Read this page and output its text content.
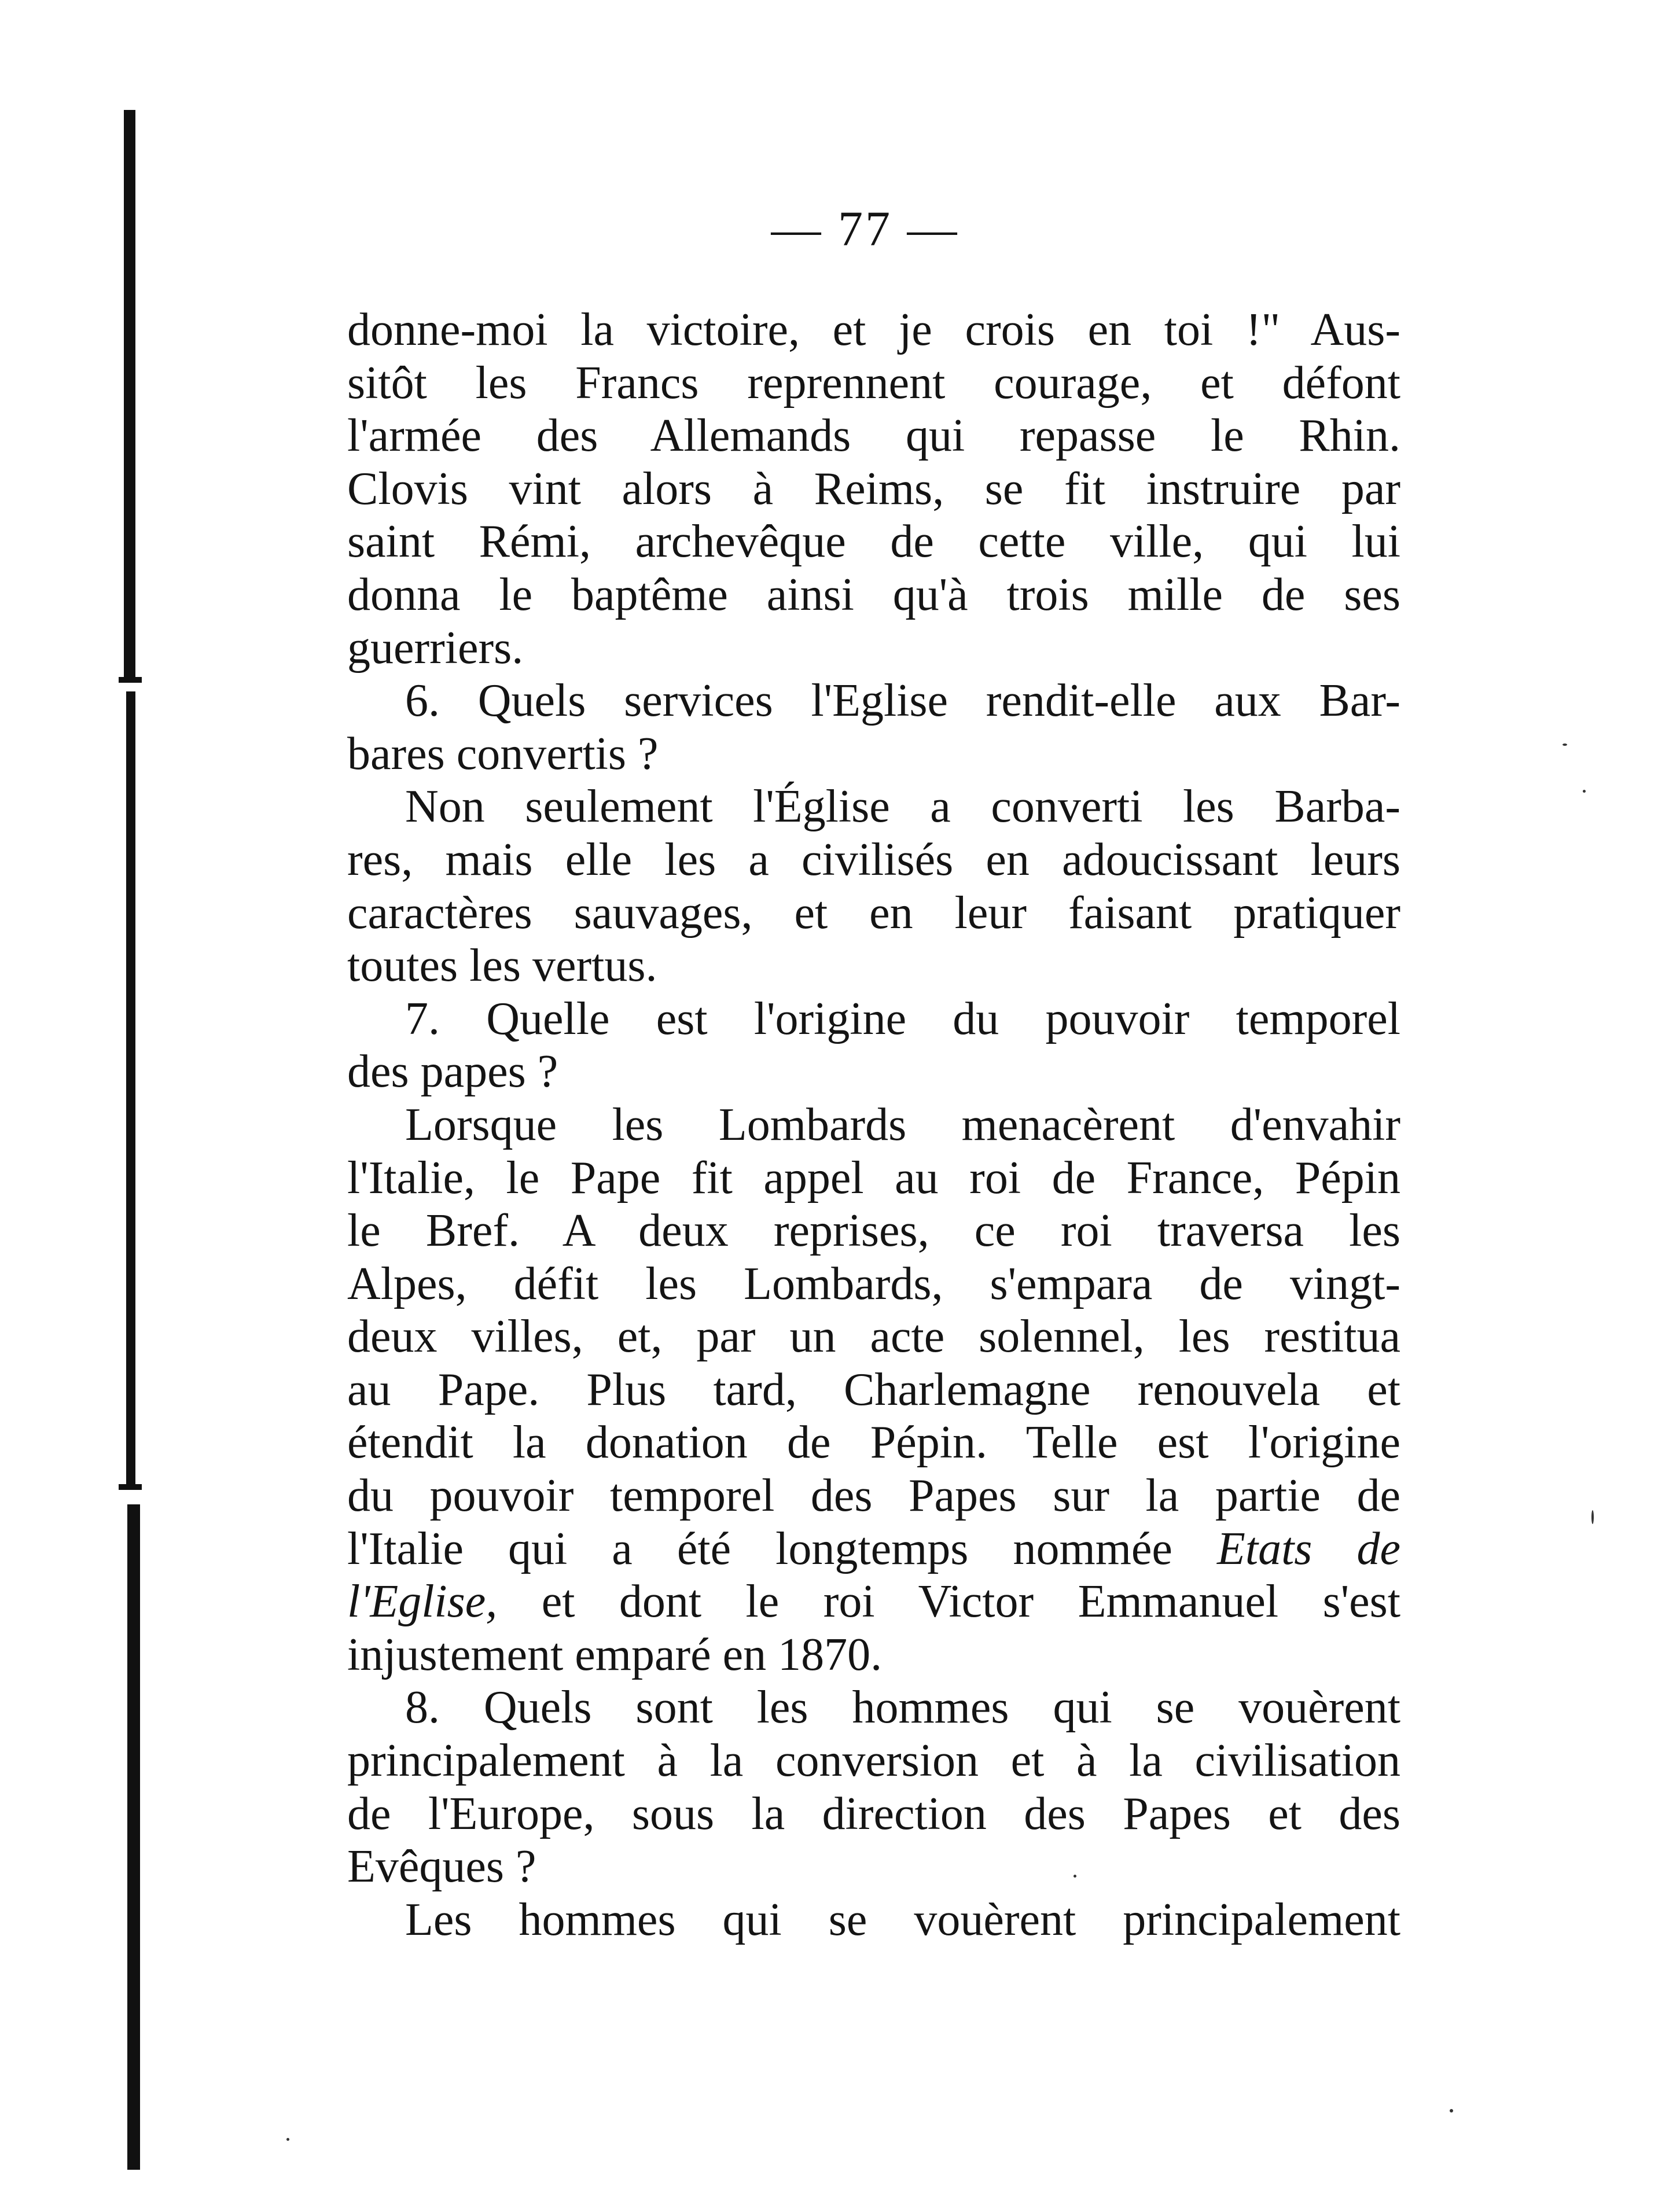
— 77 —
donne-moi la victoire, et je crois en toi !" Aus-
sitôt les Francs reprennent courage, et défont
l'armée des Allemands qui repasse le Rhin.
Clovis vint alors à Reims, se fit instruire par
saint Rémi, archevêque de cette ville, qui lui
donna le baptême ainsi qu'à trois mille de ses
guerriers.
6. Quels services l'Eglise rendit-elle aux Bar-
bares convertis ?
Non seulement l'Église a converti les Barba-
res, mais elle les a civilisés en adoucissant leurs
caractères sauvages, et en leur faisant pratiquer
toutes les vertus.
7. Quelle est l'origine du pouvoir temporel
des papes ?
Lorsque les Lombards menacèrent d'envahir
l'Italie, le Pape fit appel au roi de France, Pépin
le Bref. A deux reprises, ce roi traversa les
Alpes, défit les Lombards, s'empara de vingt-
deux villes, et, par un acte solennel, les restitua
au Pape. Plus tard, Charlemagne renouvela et
étendit la donation de Pépin. Telle est l'origine
du pouvoir temporel des Papes sur la partie de
l'Italie qui a été longtemps nommée Etats de
l'Eglise, et dont le roi Victor Emmanuel s'est
injustement emparé en 1870.
8. Quels sont les hommes qui se vouèrent
principalement à la conversion et à la civilisation
de l'Europe, sous la direction des Papes et des
Evêques ?
Les hommes qui se vouèrent principalement
